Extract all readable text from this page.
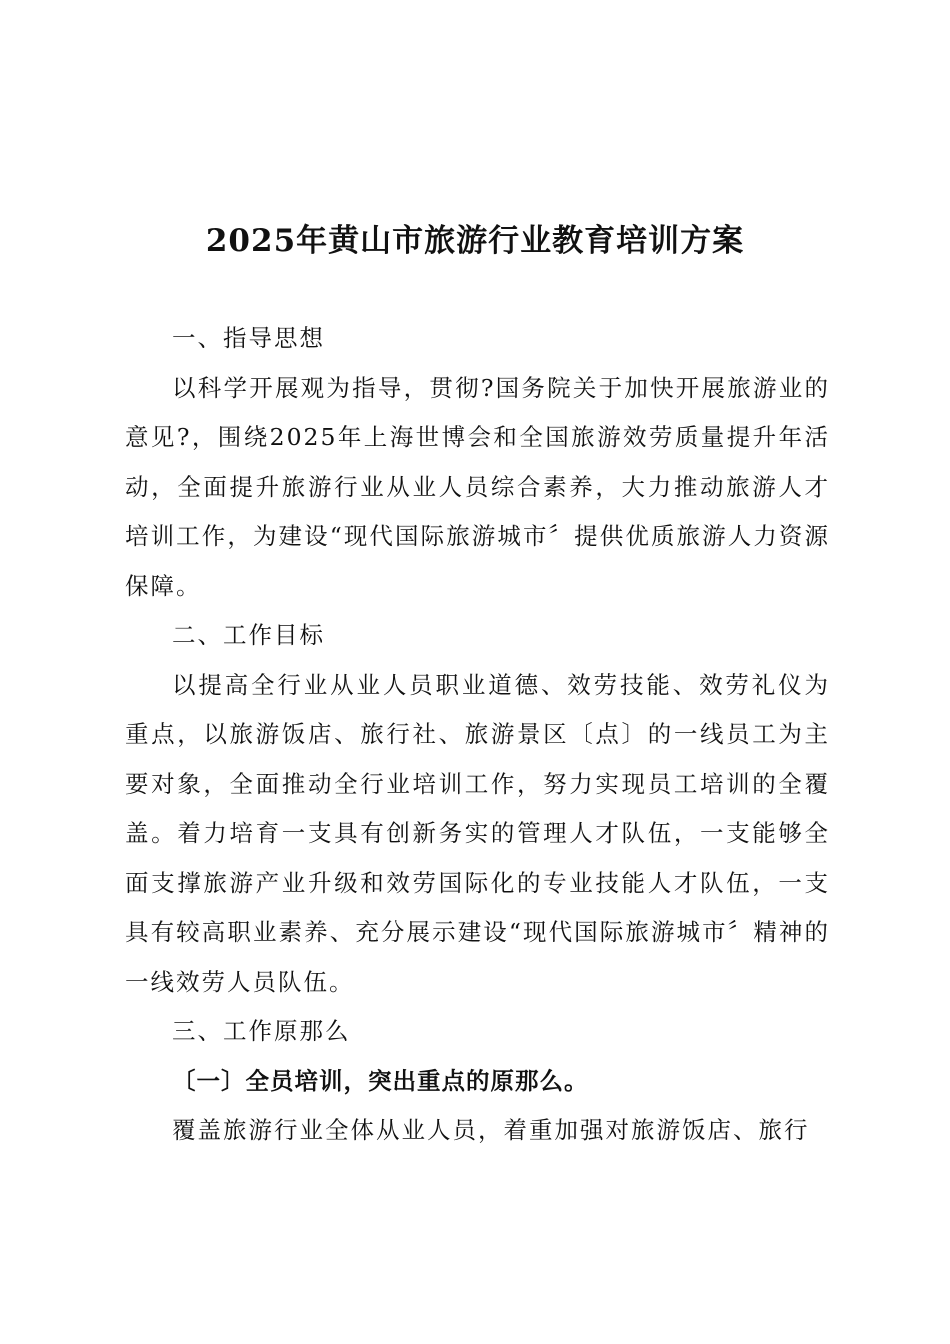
2025年黄山市旅游行业教育培训方案

一、指导思想

以科学开展观为指导，贯彻?国务院关于加快开展旅游业的意见?，围绕2025年上海世博会和全国旅游效劳质量提升年活动，全面提升旅游行业从业人员综合素养，大力推动旅游人才培训工作，为建设“现代国际旅游城市〞提供优质旅游人力资源保障。

二、工作目标

以提高全行业从业人员职业道德、效劳技能、效劳礼仪为重点，以旅游饭店、旅行社、旅游景区〔点〕的一线员工为主要对象，全面推动全行业培训工作，努力实现员工培训的全覆盖。着力培育一支具有创新务实的管理人才队伍，一支能够全面支撑旅游产业升级和效劳国际化的专业技能人才队伍，一支具有较高职业素养、充分展示建设“现代国际旅游城市〞精神的一线效劳人员队伍。

三、工作原那么

〔一〕全员培训，突出重点的原那么。

覆盖旅游行业全体从业人员，着重加强对旅游饭店、旅行
